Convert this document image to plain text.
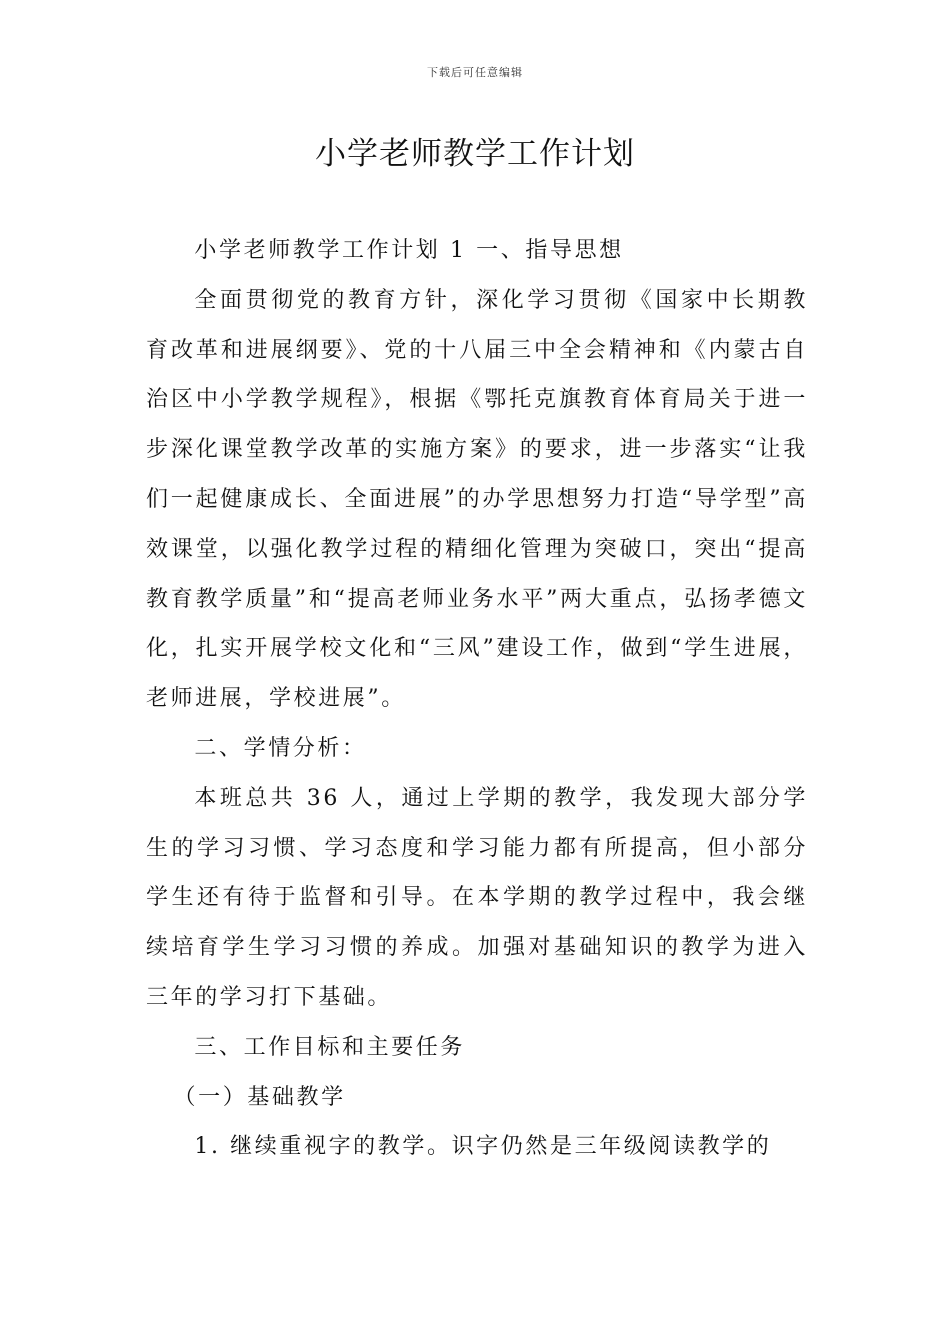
下载后可任意编辑
小学老师教学工作计划

小学老师教学工作计划 1 一、指导思想

全面贯彻党的教育方针，深化学习贯彻《国家中长期教育改革和进展纲要》、党的十八届三中全会精神和《内蒙古自治区中小学教学规程》，根据《鄂托克旗教育体育局关于进一步深化课堂教学改革的实施方案》的要求，进一步落实“让我们一起健康成长、全面进展”的办学思想努力打造“导学型”高效课堂，以强化教学过程的精细化管理为突破口，突出“提高教育教学质量”和“提高老师业务水平”两大重点，弘扬孝德文化，扎实开展学校文化和“三风”建设工作，做到“学生进展，老师进展，学校进展”。

二、学情分析：

本班总共 36 人，通过上学期的教学，我发现大部分学生的学习习惯、学习态度和学习能力都有所提高，但小部分学生还有待于监督和引导。在本学期的教学过程中，我会继续培育学生学习习惯的养成。加强对基础知识的教学为进入三年的学习打下基础。

三、工作目标和主要任务

（一）基础教学

1. 继续重视字的教学。识字仍然是三年级阅读教学的
